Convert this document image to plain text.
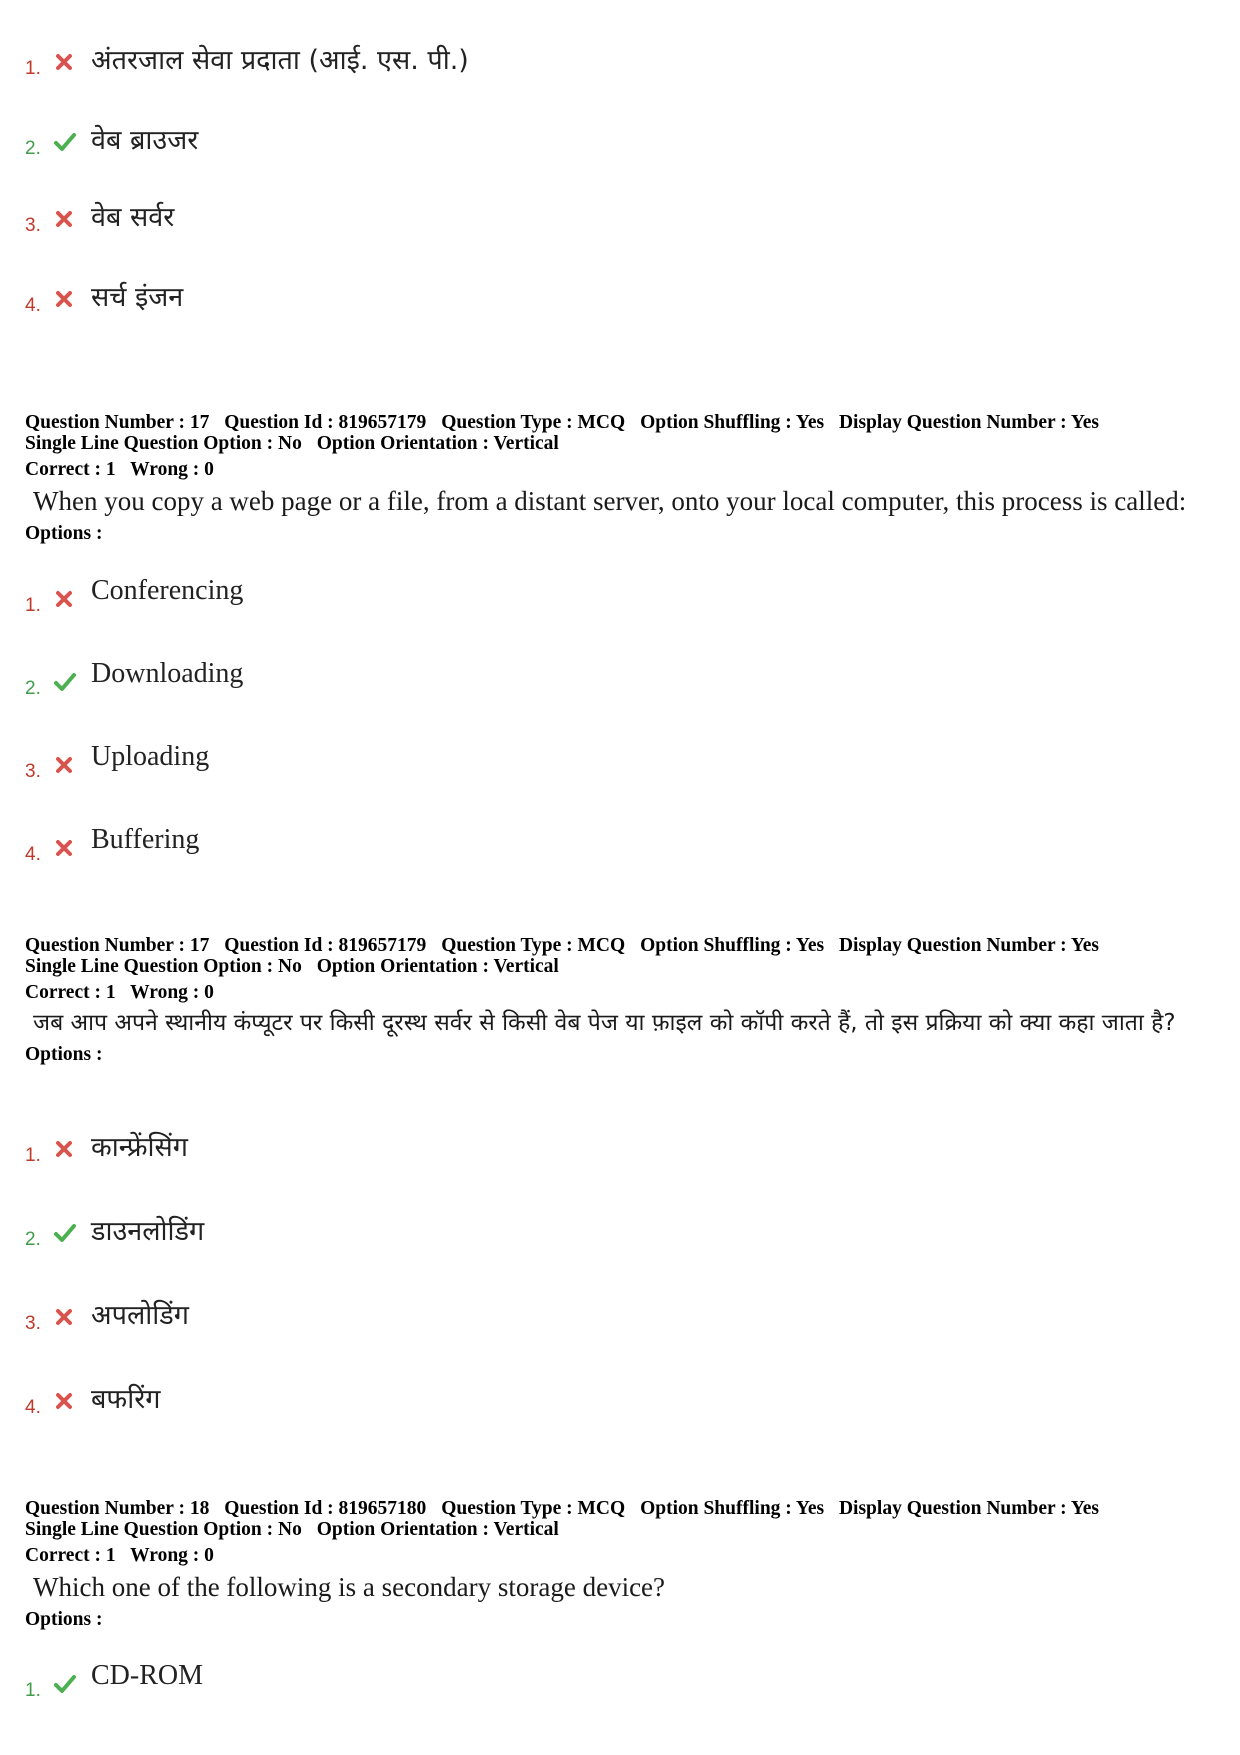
1. अंतरजाल सेवा प्रदाता (आई. एस. पी.)
2. वेब ब्राउजर
3. वेब सर्वर
4. सर्च इंजन
Question Number : 17 Question Id : 819657179 Question Type : MCQ Option Shuffling : Yes Display Question Number : Yes
Single Line Question Option : No Option Orientation : Vertical
Correct : 1 Wrong : 0
When you copy a web page or a file, from a distant server, onto your local computer, this process is called:
Options :
1. Conferencing
2. Downloading
3. Uploading
4. Buffering
Question Number : 17 Question Id : 819657179 Question Type : MCQ Option Shuffling : Yes Display Question Number : Yes
Single Line Question Option : No Option Orientation : Vertical
Correct : 1 Wrong : 0
जब आप अपने स्थानीय कंप्यूटर पर किसी दूरस्थ सर्वर से किसी वेब पेज या फ़ाइल को कॉपी करते हैं, तो इस प्रक्रिया को क्या कहा जाता है?
Options :
1. कान्फ्रेंसिंग
2. डाउनलोडिंग
3. अपलोडिंग
4. बफरिंग
Question Number : 18 Question Id : 819657180 Question Type : MCQ Option Shuffling : Yes Display Question Number : Yes
Single Line Question Option : No Option Orientation : Vertical
Correct : 1 Wrong : 0
Which one of the following is a secondary storage device?
Options :
1. CD-ROM
